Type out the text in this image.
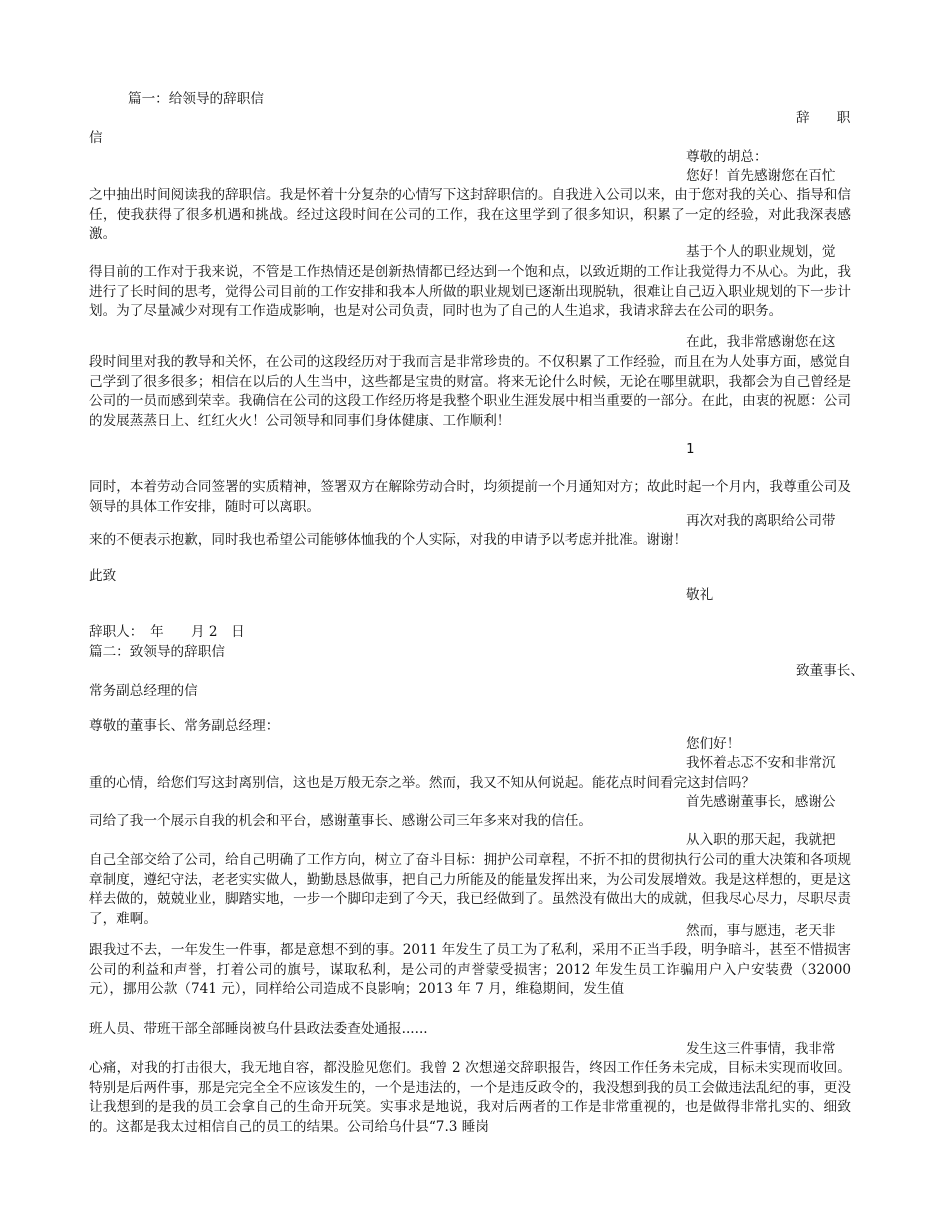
篇一：给领导的辞职信
辞　　职
信
尊敬的胡总：
您好！首先感谢您在百忙

之中抽出时间阅读我的辞职信。我是怀着十分复杂的心情写下这封辞职信的。自我进入公司以来，由于您对我的关心、指导和信任，使我获得了很多机遇和挑战。经过这段时间在公司的工作，我在这里学到了很多知识，积累了一定的经验，对此我深表感激。

基于个人的职业规划，觉

得目前的工作对于我来说，不管是工作热情还是创新热情都已经达到一个饱和点，以致近期的工作让我觉得力不从心。为此，我进行了长时间的思考，觉得公司目前的工作安排和我本人所做的职业规划已逐渐出现脱轨，很难让自己迈入职业规划的下一步计划。为了尽量减少对现有工作造成影响，也是对公司负责，同时也为了自己的人生追求，我请求辞去在公司的职务。

在此，我非常感谢您在这

段时间里对我的教导和关怀，在公司的这段经历对于我而言是非常珍贵的。不仅积累了工作经验，而且在为人处事方面，感觉自己学到了很多很多；相信在以后的人生当中，这些都是宝贵的财富。将来无论什么时候，无论在哪里就职，我都会为自己曾经是公司的一员而感到荣幸。我确信在公司的这段工作经历将是我整个职业生涯发展中相当重要的一部分。在此，由衷的祝愿：公司的发展蒸蒸日上、红红火火！公司领导和同事们身体健康、工作顺利！

1

同时，本着劳动合同签署的实质精神，签署双方在解除劳动合时，均须提前一个月通知对方；故此时起一个月内，我尊重公司及领导的具体工作安排，随时可以离职。

再次对我的离职给公司带
来的不便表示抱歉，同时我也希望公司能够体恤我的个人实际，对我的申请予以考虑并批准。谢谢！
此致
敬礼
辞职人：　年　　月 2　日
篇二：致领导的辞职信
致董事长、
常务副总经理的信
尊敬的董事长、常务副总经理：
您们好！
我怀着忐忑不安和非常沉
重的心情，给您们写这封离别信，这也是万般无奈之举。然而，我又不知从何说起。能花点时间看完这封信吗？
首先感谢董事长，感谢公
司给了我一个展示自我的机会和平台，感谢董事长、感谢公司三年多来对我的信任。
从入职的那天起，我就把

自己全部交给了公司，给自己明确了工作方向，树立了奋斗目标：拥护公司章程，不折不扣的贯彻执行公司的重大决策和各项规章制度，遵纪守法，老老实实做人，勤勤恳恳做事，把自己力所能及的能量发挥出来，为公司发展增效。我是这样想的，更是这样去做的，兢兢业业，脚踏实地，一步一个脚印走到了今天，我已经做到了。虽然没有做出大的成就，但我尽心尽力，尽职尽责了，难啊。

然而，事与愿违，老天非

跟我过不去，一年发生一件事，都是意想不到的事。2011 年发生了员工为了私利，采用不正当手段，明争暗斗，甚至不惜损害公司的利益和声誉，打着公司的旗号，谋取私利，是公司的声誉蒙受损害；2012 年发生员工诈骗用户入户安装费（32000 元），挪用公款（741 元），同样给公司造成不良影响；2013 年 7 月，维稳期间，发生值

班人员、带班干部全部睡岗被乌什县政法委查处通报......
发生这三件事情，我非常

心痛，对我的打击很大，我无地自容，都没脸见您们。我曾 2 次想递交辞职报告，终因工作任务未完成，目标未实现而收回。特别是后两件事，那是完完全全不应该发生的，一个是违法的，一个是违反政令的，我没想到我的员工会做违法乱纪的事，更没让我想到的是我的员工会拿自己的生命开玩笑。实事求是地说，我对后两者的工作是非常重视的，也是做得非常扎实的、细致的。这都是我太过相信自己的员工的结果。公司给乌什县“7.3 睡岗
